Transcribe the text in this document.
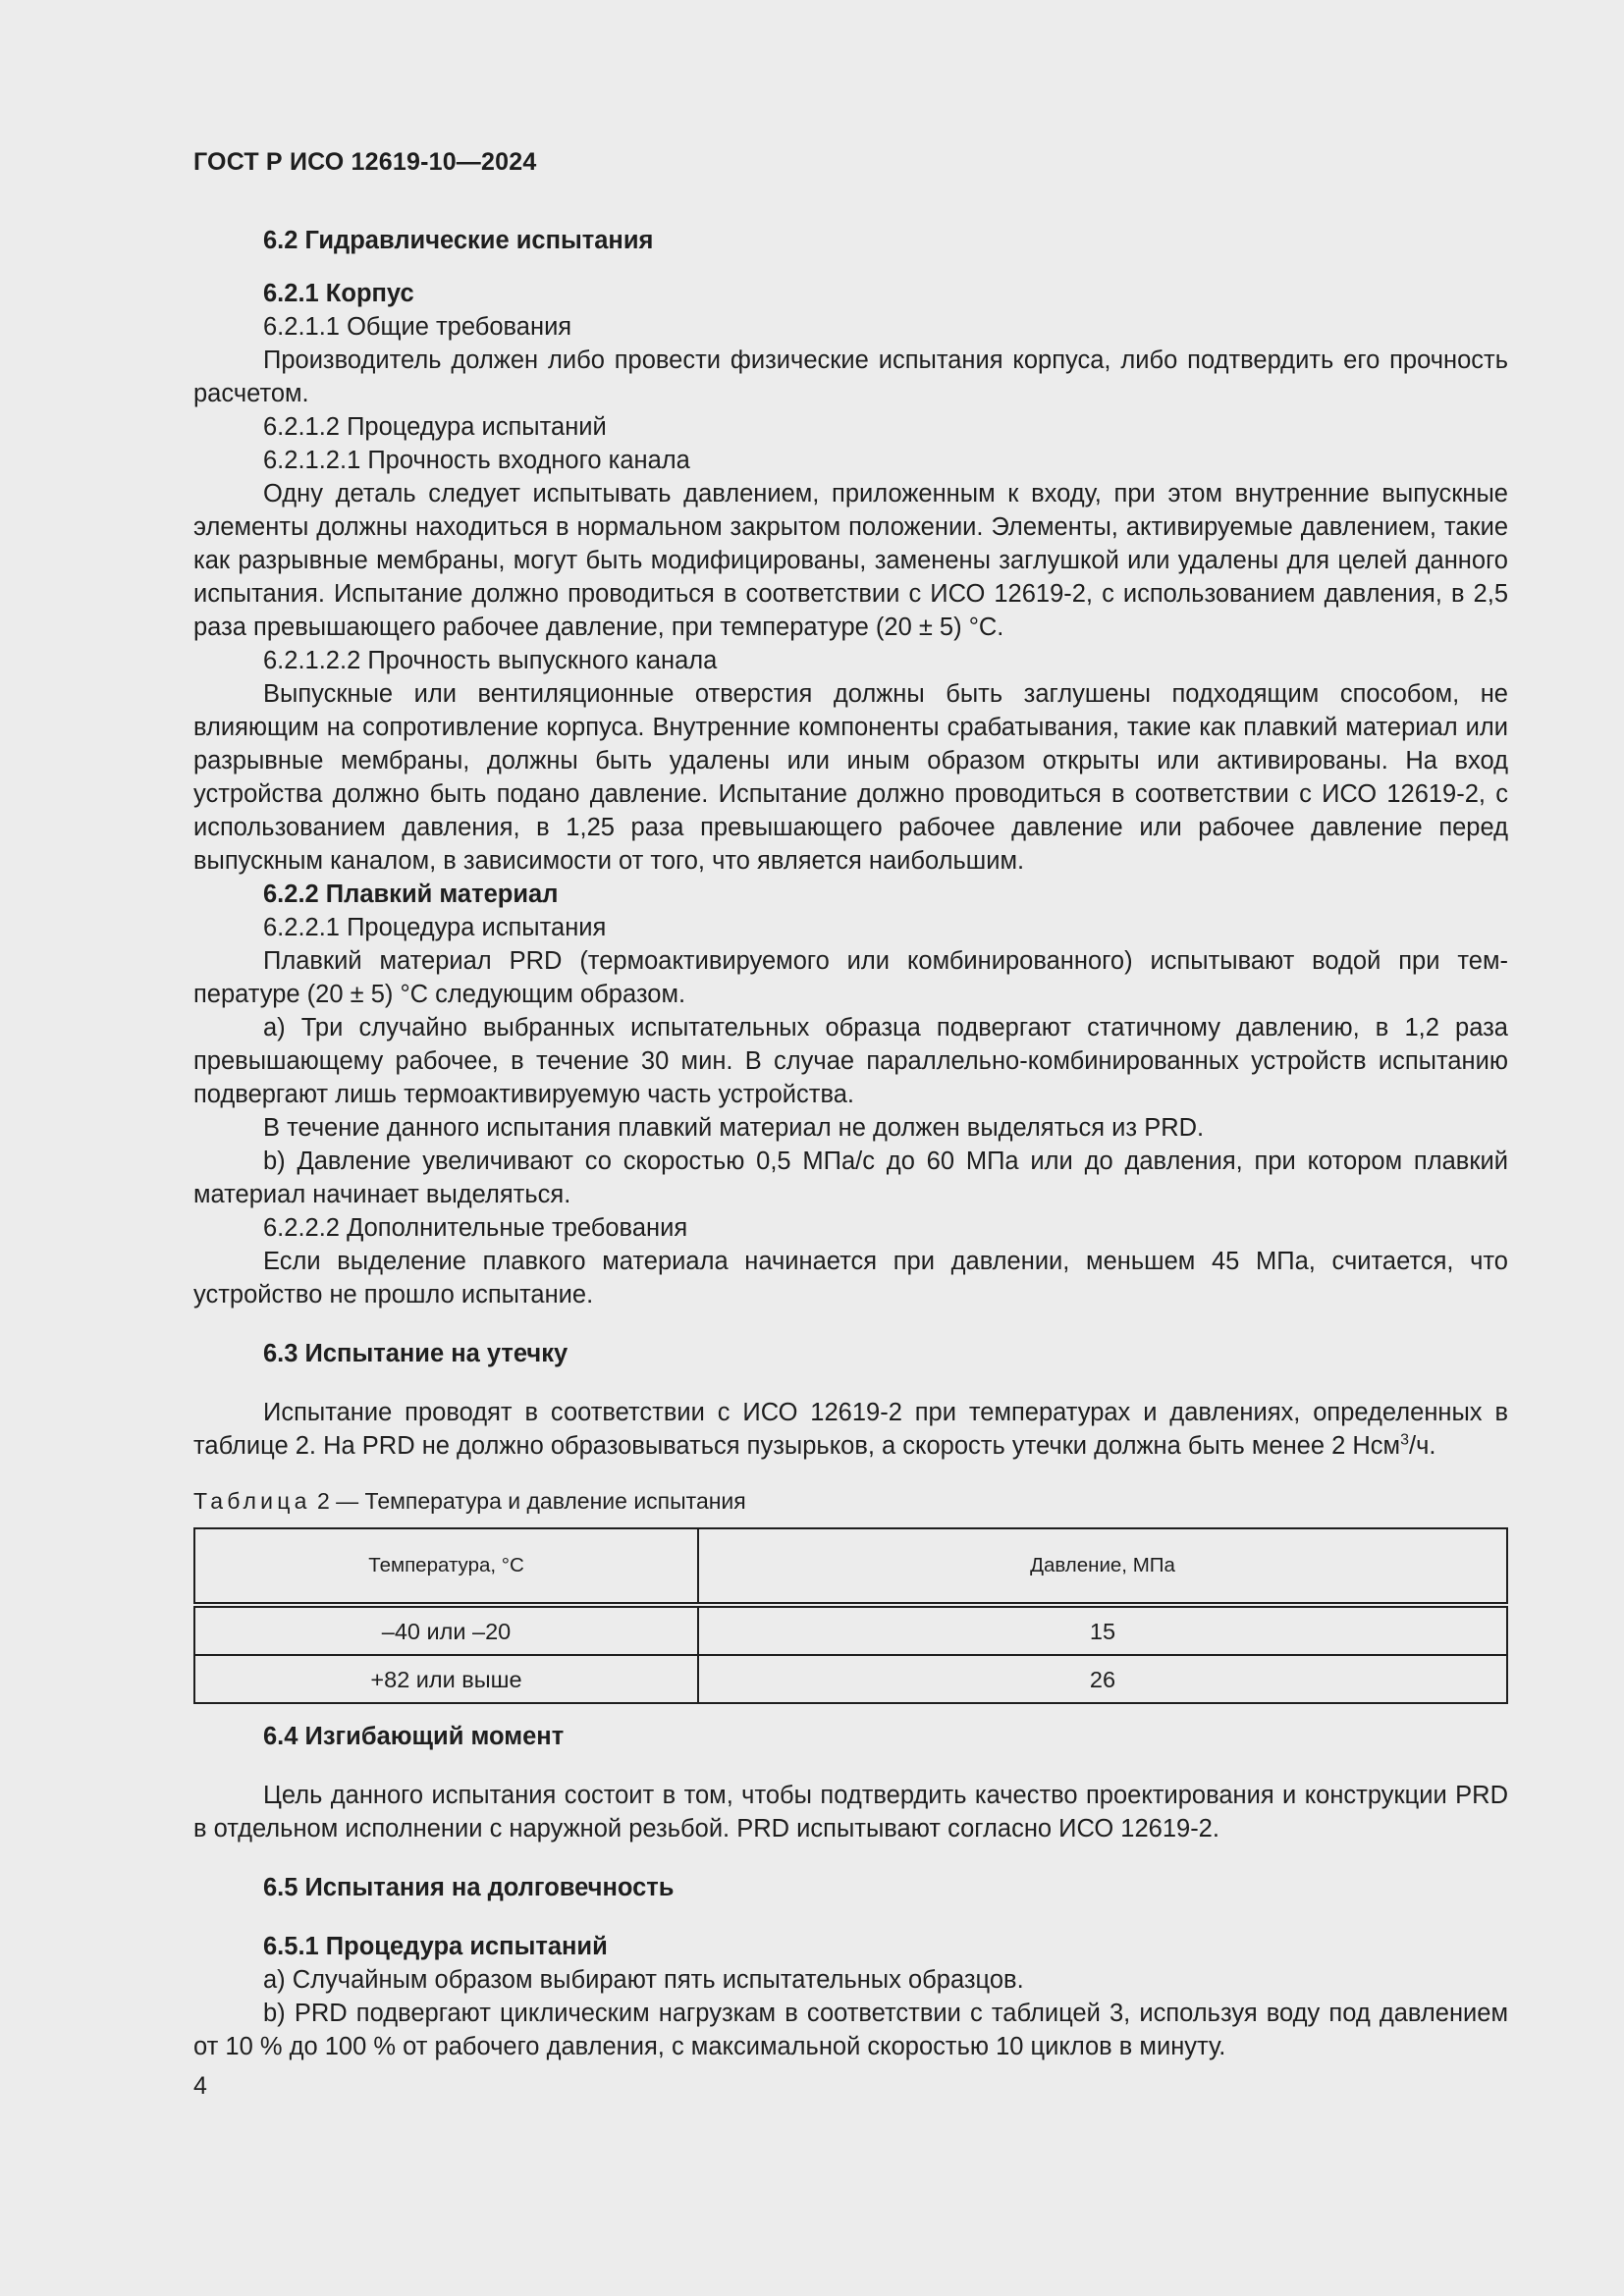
ГОСТ Р ИСО 12619-10—2024

6.2 Гидравлические испытания

6.2.1 Корпус

6.2.1.1 Общие требования

Производитель должен либо провести физические испытания корпуса, либо подтвердить его прочность расчетом.

6.2.1.2 Процедура испытаний

6.2.1.2.1 Прочность входного канала

Одну деталь следует испытывать давлением, приложенным к входу, при этом внутренние выпускные элементы должны находиться в нормальном закрытом положении. Элементы, активируемые давлением, такие как разрывные мембраны, могут быть модифицированы, заменены заглушкой или удалены для целей данного испытания. Испытание должно проводиться в соответствии с ИСО 12619-2, с использованием давления, в 2,5 раза превышающего рабочее давление, при температуре (20 ± 5) °С.

6.2.1.2.2 Прочность выпускного канала

Выпускные или вентиляционные отверстия должны быть заглушены подходящим способом, не влияющим на сопротивление корпуса. Внутренние компоненты срабатывания, такие как плавкий материал или разрывные мембраны, должны быть удалены или иным образом открыты или активированы. На вход устройства должно быть подано давление. Испытание должно проводиться в соответствии с ИСО 12619-2, с использованием давления, в 1,25 раза превышающего рабочее давление или рабочее давление перед выпускным каналом, в зависимости от того, что является наибольшим.

6.2.2 Плавкий материал

6.2.2.1 Процедура испытания

Плавкий материал PRD (термоактивируемого или комбинированного) испытывают водой при температуре (20 ± 5) °С следующим образом.

а) Три случайно выбранных испытательных образца подвергают статичному давлению, в 1,2 раза превышающему рабочее, в течение 30 мин. В случае параллельно-комбинированных устройств испытанию подвергают лишь термоактивируемую часть устройства.

В течение данного испытания плавкий материал не должен выделяться из PRD.

b) Давление увеличивают со скоростью 0,5 МПа/с до 60 МПа или до давления, при котором плавкий материал начинает выделяться.

6.2.2.2 Дополнительные требования

Если выделение плавкого материала начинается при давлении, меньшем 45 МПа, считается, что устройство не прошло испытание.

6.3 Испытание на утечку

Испытание проводят в соответствии с ИСО 12619-2 при температурах и давлениях, определенных в таблице 2. На PRD не должно образовываться пузырьков, а скорость утечки должна быть менее 2 Нсм$^3$/ч.

Таблица 2 — Температура и давление испытания

Температура, °С	Давление, МПа
–40 или –20	15
+82 или выше	26

6.4 Изгибающий момент

Цель данного испытания состоит в том, чтобы подтвердить качество проектирования и конструкции PRD в отдельном исполнении с наружной резьбой. PRD испытывают согласно ИСО 12619-2.

6.5 Испытания на долговечность

6.5.1 Процедура испытаний

а) Случайным образом выбирают пять испытательных образцов.

b) PRD подвергают циклическим нагрузкам в соответствии с таблицей 3, используя воду под давлением от 10 % до 100 % от рабочего давления, с максимальной скоростью 10 циклов в минуту.

4
